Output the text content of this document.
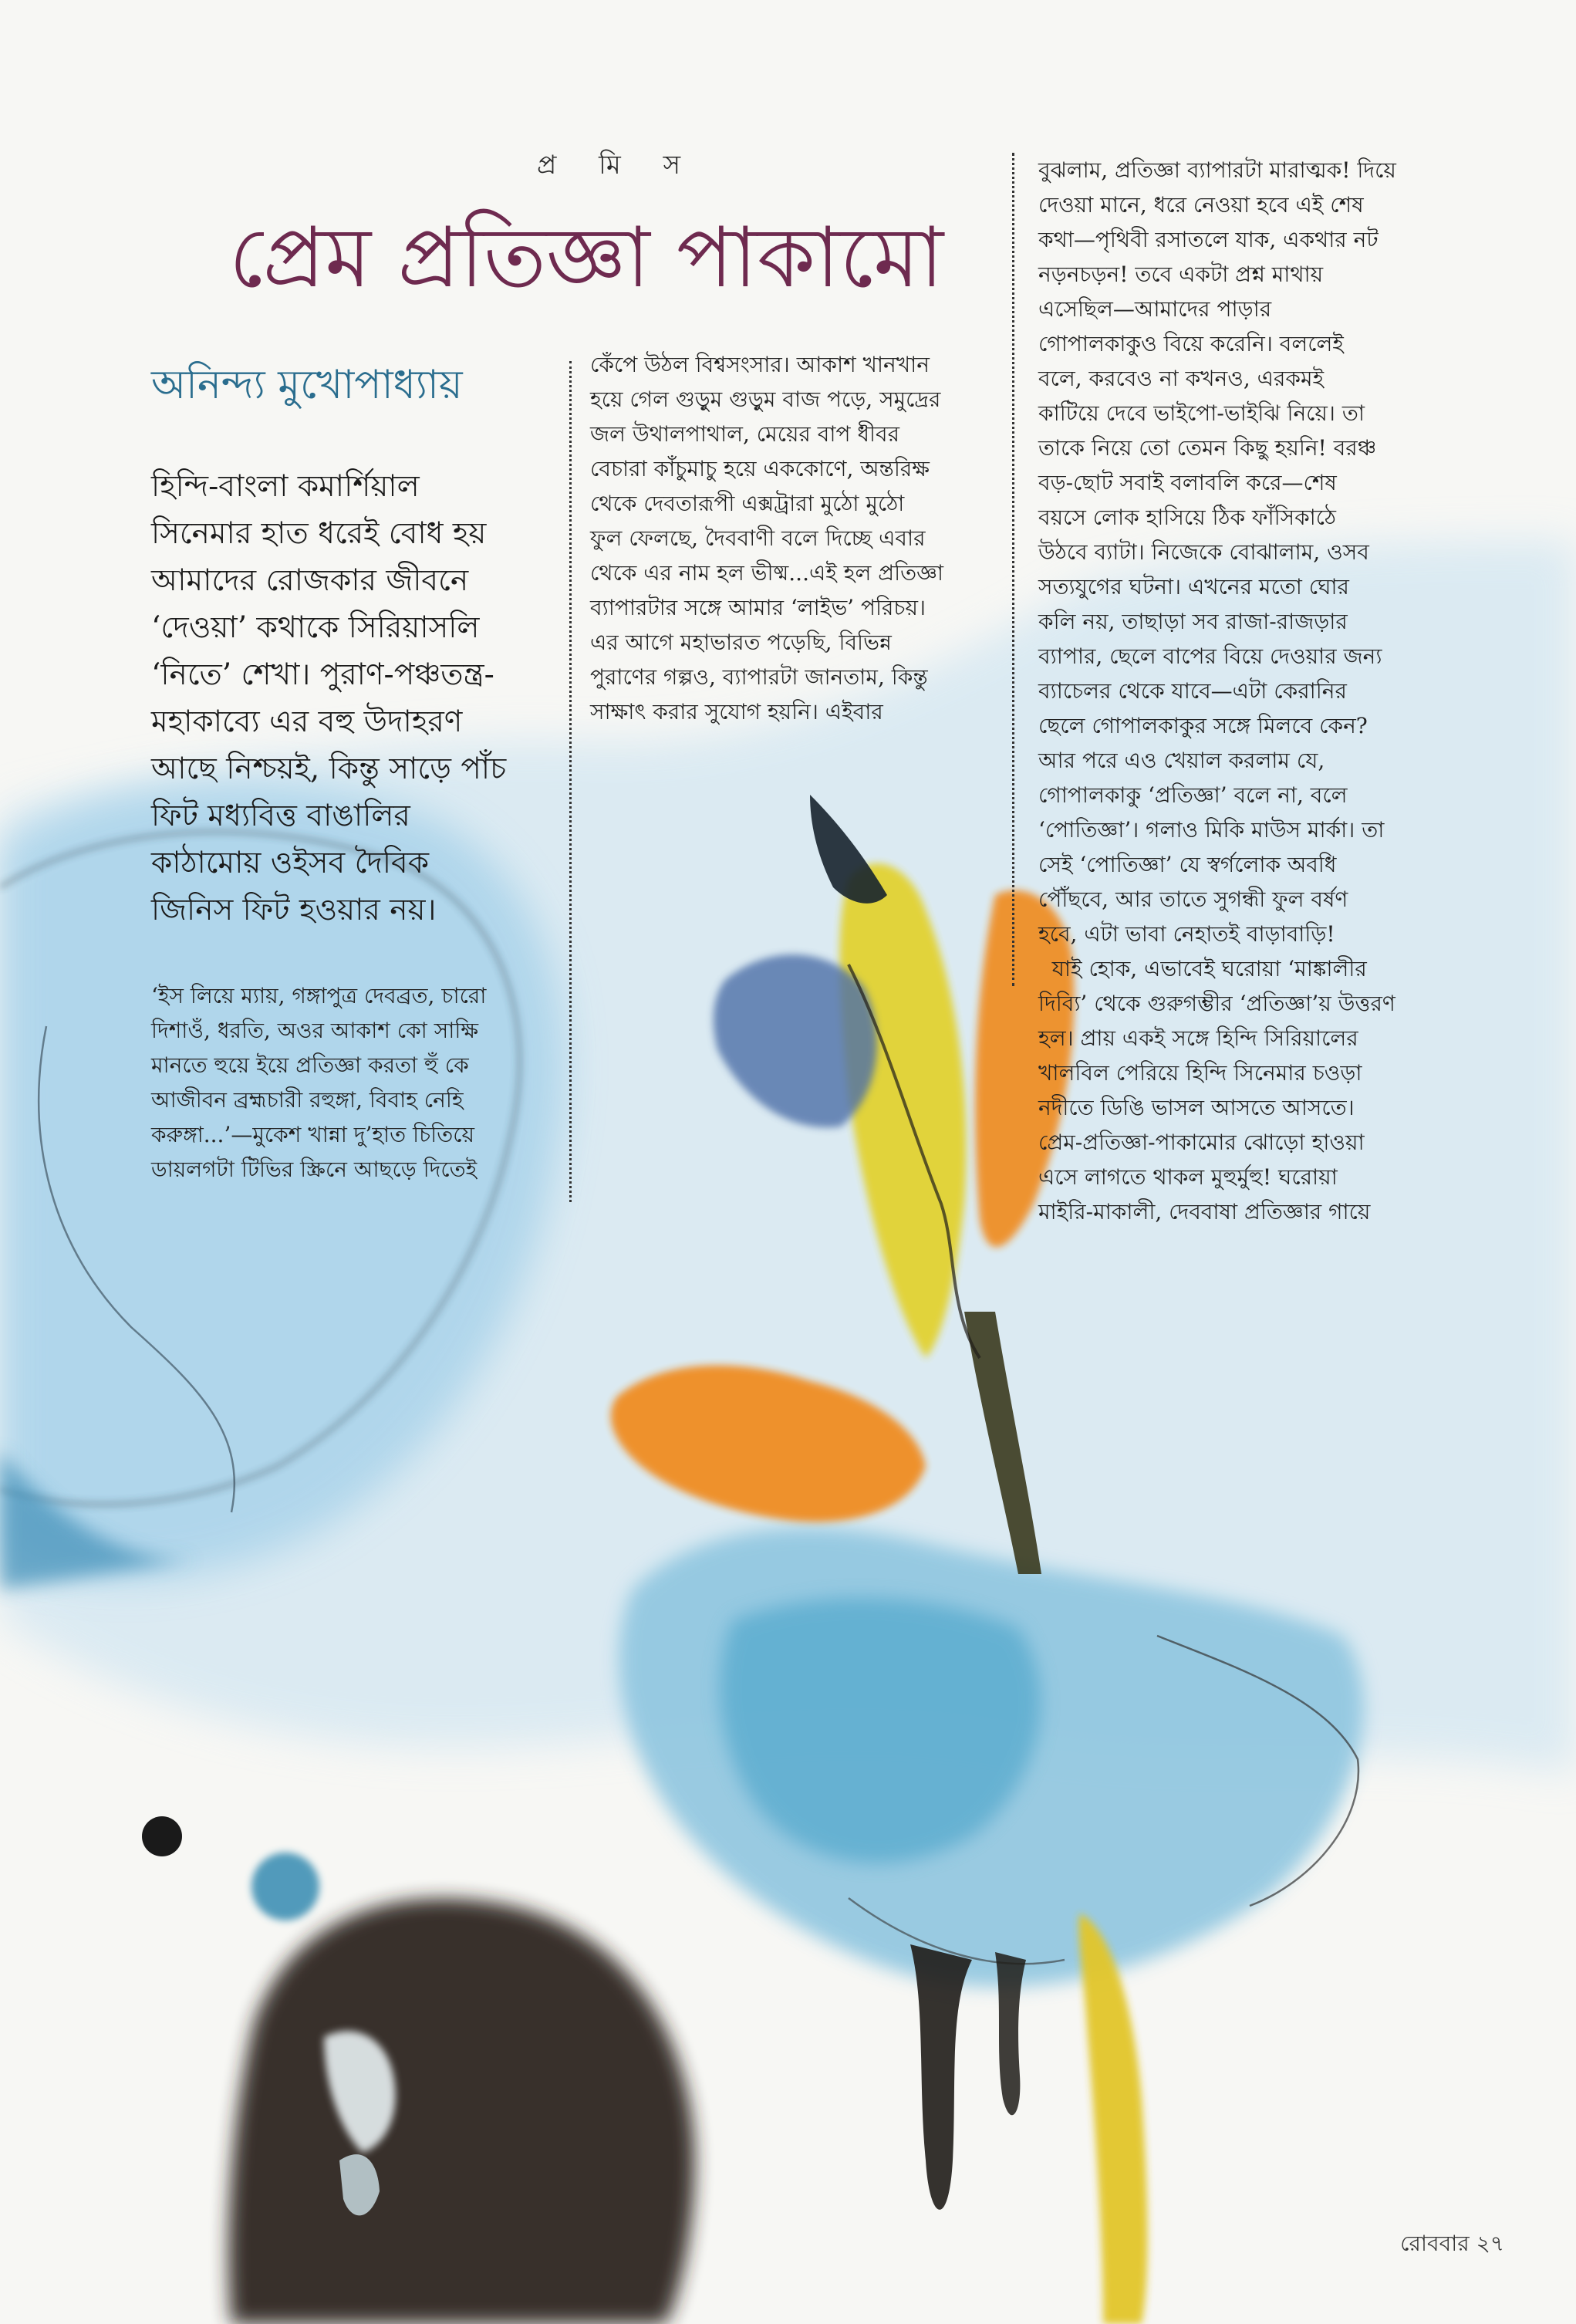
প্র মি স
প্রেম প্রতিজ্ঞা পাকামো
অনিন্দ্য মুখোপাধ্যায়
হিন্দি-বাংলা কমার্শিয়াল
সিনেমার হাত ধরেই বোধ হয়
আমাদের রোজকার জীবনে
‘দেওয়া’ কথাকে সিরিয়াসলি
‘নিতে’ শেখা। পুরাণ-পঞ্চতন্ত্র-
মহাকাব্যে এর বহু উদাহরণ
আছে নিশ্চয়ই, কিন্তু সাড়ে পাঁচ
ফিট মধ্যবিত্ত বাঙালির
কাঠামোয় ওইসব দৈবিক
জিনিস ফিট হওয়ার নয়।
‘ইস লিয়ে ম্যায়, গঙ্গাপুত্র দেবব্রত, চারো
দিশাওঁ, ধরতি, অওর আকাশ কো সাক্ষি
মানতে হুয়ে ইয়ে প্রতিজ্ঞা করতা হুঁ কে
আজীবন ব্রহ্মচারী রহুঙ্গা, বিবাহ নেহি
করুঙ্গা...’—মুকেশ খান্না দু’হাত চিতিয়ে
ডায়লগটা টিভির স্ক্রিনে আছড়ে দিতেই
কেঁপে উঠল বিশ্বসংসার। আকাশ খানখান
হয়ে গেল গুড়ুম গুড়ুম বাজ পড়ে, সমুদ্রের
জল উথালপাথাল, মেয়ের বাপ ধীবর
বেচারা কাঁচুমাচু হয়ে এককোণে, অন্তরিক্ষ
থেকে দেবতারূপী এক্সট্রারা মুঠো মুঠো
ফুল ফেলছে, দৈববাণী বলে দিচ্ছে এবার
থেকে এর নাম হল ভীষ্ম...এই হল প্রতিজ্ঞা
ব্যাপারটার সঙ্গে আমার ‘লাইভ’ পরিচয়।
এর আগে মহাভারত পড়েছি, বিভিন্ন
পুরাণের গল্পও, ব্যাপারটা জানতাম, কিন্তু
সাক্ষাৎ করার সুযোগ হয়নি। এইবার
বুঝলাম, প্রতিজ্ঞা ব্যাপারটা মারাত্মক! দিয়ে
দেওয়া মানে, ধরে নেওয়া হবে এই শেষ
কথা—পৃথিবী রসাতলে যাক, একথার নট
নড়নচড়ন! তবে একটা প্রশ্ন মাথায়
এসেছিল—আমাদের পাড়ার
গোপালকাকুও বিয়ে করেনি। বললেই
বলে, করবেও না কখনও, এরকমই
কাটিয়ে দেবে ভাইপো-ভাইঝি নিয়ে। তা
তাকে নিয়ে তো তেমন কিছু হয়নি! বরঞ্চ
বড়-ছোট সবাই বলাবলি করে—শেষ
বয়সে লোক হাসিয়ে ঠিক ফাঁসিকাঠে
উঠবে ব্যাটা। নিজেকে বোঝালাম, ওসব
সত্যযুগের ঘটনা। এখনের মতো ঘোর
কলি নয়, তাছাড়া সব রাজা-রাজড়ার
ব্যাপার, ছেলে বাপের বিয়ে দেওয়ার জন্য
ব্যাচেলর থেকে যাবে—এটা কেরানির
ছেলে গোপালকাকুর সঙ্গে মিলবে কেন?
আর পরে এও খেয়াল করলাম যে,
গোপালকাকু ‘প্রতিজ্ঞা’ বলে না, বলে
‘পোতিজ্ঞা’। গলাও মিকি মাউস মার্কা। তা
সেই ‘পোতিজ্ঞা’ যে স্বর্গলোক অবধি
পৌঁছবে, আর তাতে সুগন্ধী ফুল বর্ষণ
হবে, এটা ভাবা নেহাতই বাড়াবাড়ি!
যাই হোক, এভাবেই ঘরোয়া ‘মাঙ্কালীর
দিব্যি’ থেকে গুরুগম্ভীর ‘প্রতিজ্ঞা’য় উত্তরণ
হল। প্রায় একই সঙ্গে হিন্দি সিরিয়ালের
খালবিল পেরিয়ে হিন্দি সিনেমার চওড়া
নদীতে ডিঙি ভাসল আসতে আসতে।
প্রেম-প্রতিজ্ঞা-পাকামোর ঝোড়ো হাওয়া
এসে লাগতে থাকল মুহুর্মুহু! ঘরোয়া
মাইরি-মাকালী, দেববাষা প্রতিজ্ঞার গায়ে
রোববার ২৭
